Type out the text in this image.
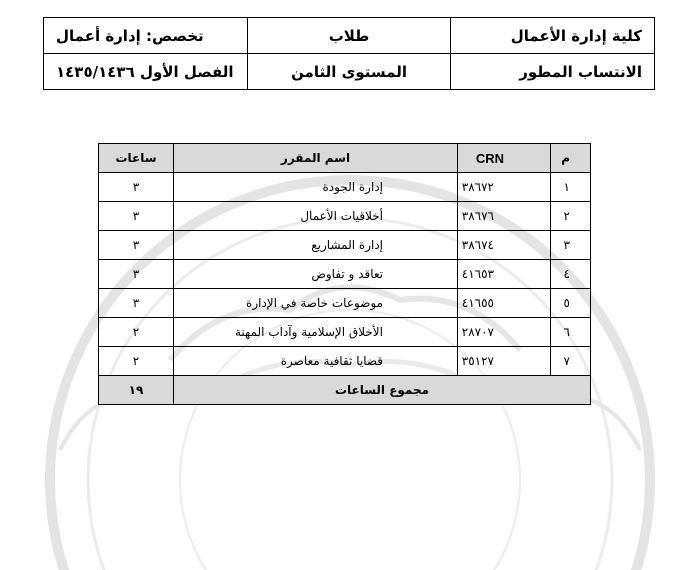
كلية إدارة الأعمال	طلاب	تخصص: إدارة أعمال
الانتساب المطور	المستوى الثامن	الفصل الأول ١٤٣٥/١٤٣٦
م	CRN	اسم المقرر	ساعات
١	٣٨٦٧٢	إدارة الجودة	٣
٢	٣٨٦٧٦	أخلاقيات الأعمال	٣
٣	٣٨٦٧٤	إدارة المشاريع	٣
٤	٤١٦٥٣	تعاقد و تفاوض	٣
٥	٤١٦٥٥	موضوعات خاصة في الإدارة	٣
٦	٢٨٧٠٧	الأخلاق الإسلامية وآداب المهنة	٢
٧	٣٥١٢٧	قضايا ثقافية معاصرة	٢
مجموع الساعات			١٩
